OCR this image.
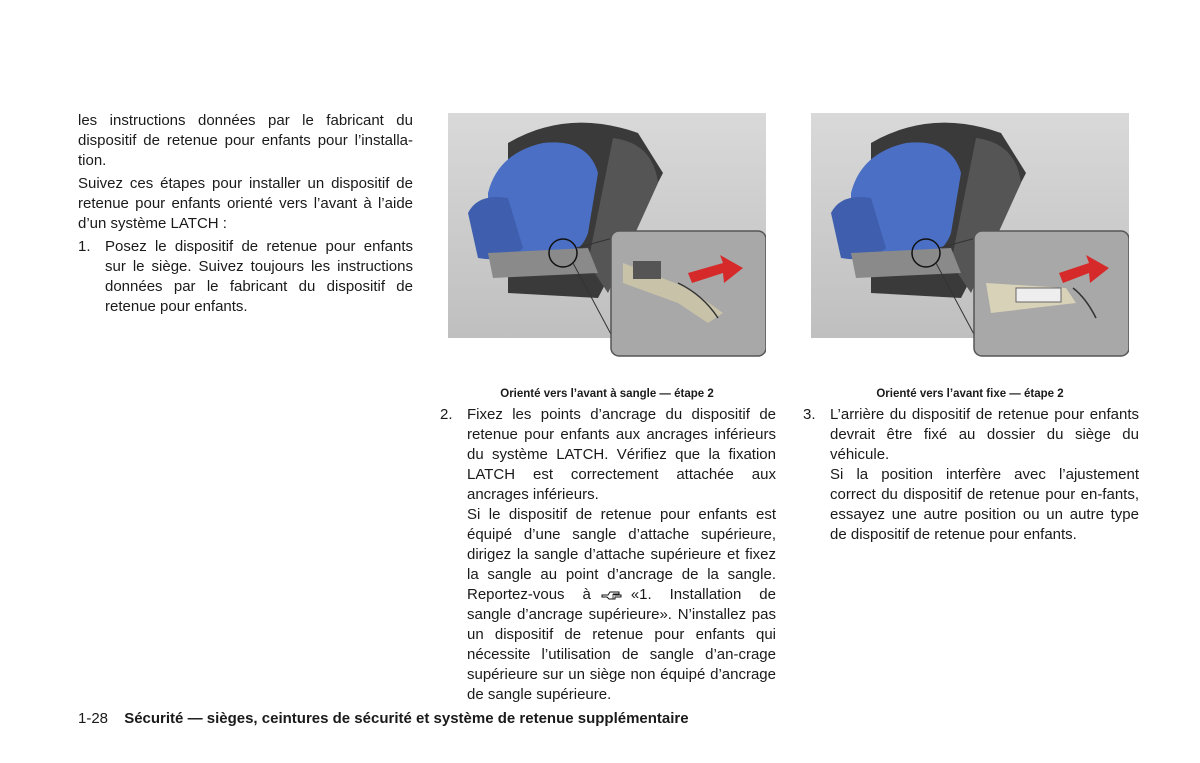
les instructions données par le fabricant du dispositif de retenue pour enfants pour l’installa-tion.

Suivez ces étapes pour installer un dispositif de retenue pour enfants orienté vers l’avant à l’aide d’un système LATCH :

1. Posez le dispositif de retenue pour enfants sur le siège. Suivez toujours les instructions données par le fabricant du dispositif de retenue pour enfants.
Orienté vers l’avant à sangle — étape 2	Orienté vers l’avant fixe — étape 2
2. Fixez les points d’ancrage du dispositif de retenue pour enfants aux ancrages inférieurs du système LATCH. Vérifiez que la fixation LATCH est correctement attachée aux ancrages inférieurs.

Si le dispositif de retenue pour enfants est équipé d’une sangle d’attache supérieure, dirigez la sangle d’attache supérieure et fixez la sangle au point d’ancrage de la sangle. Reportez-vous à	«1. Installation de sangle d’ancrage supérieure». N’installez pas un dispositif de retenue pour enfants qui nécessite l’utilisation de sangle d’an-crage supérieure sur un siège non équipé d’ancrage de sangle supérieure.

3. L’arrière du dispositif de retenue pour enfants devrait être fixé au dossier du siège du véhicule.

Si la position interfère avec l’ajustement correct du dispositif de retenue pour en-fants, essayez une autre position ou un autre type de dispositif de retenue pour enfants.

1-28 Sécurité — sièges, ceintures de sécurité et système de retenue supplémentaire
